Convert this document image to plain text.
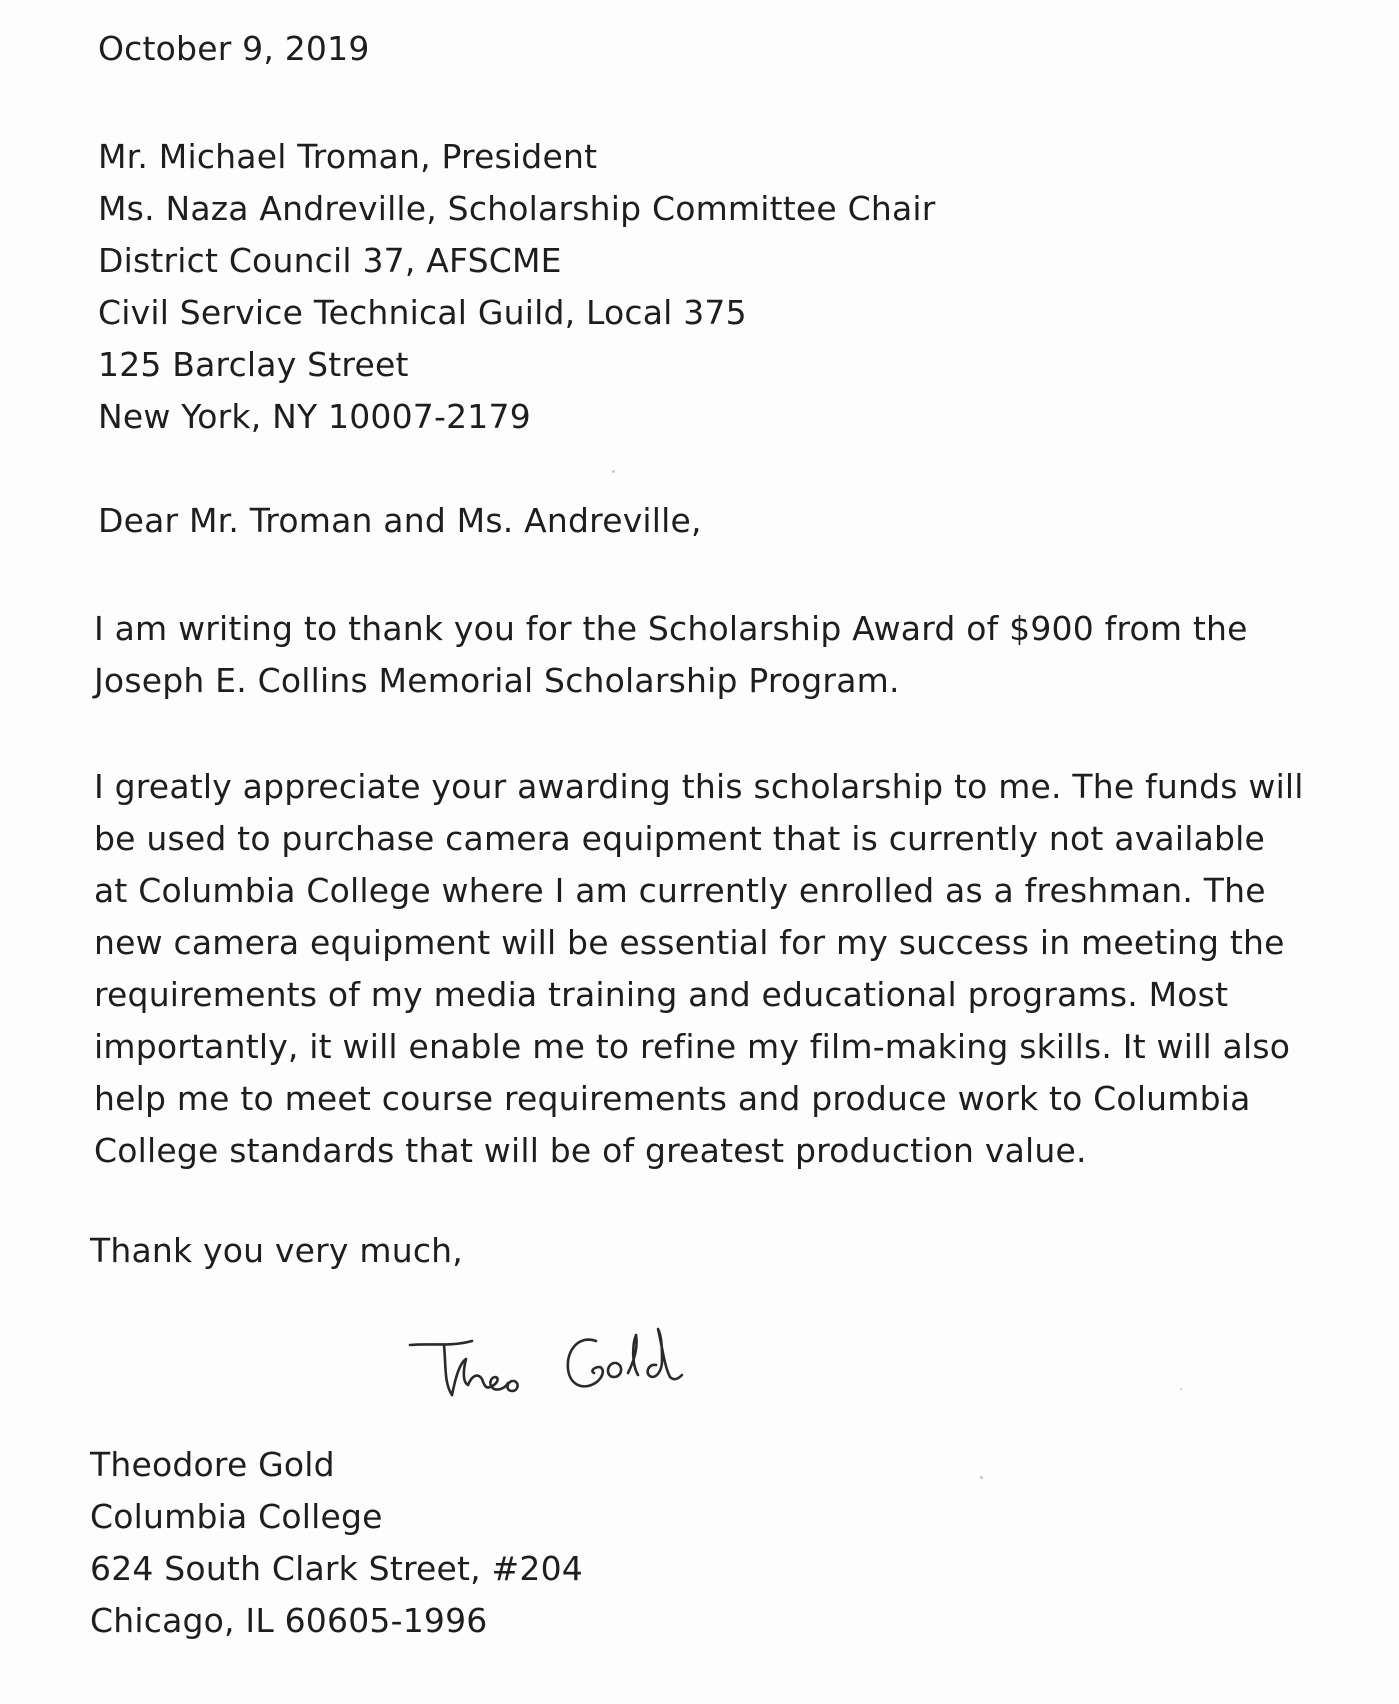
October 9, 2019
Mr. Michael Troman, President
Ms. Naza Andreville, Scholarship Committee Chair
District Council 37, AFSCME
Civil Service Technical Guild, Local 375
125 Barclay Street
New York, NY 10007-2179
Dear Mr. Troman and Ms. Andreville,
I am writing to thank you for the Scholarship Award of $900 from the
Joseph E. Collins Memorial Scholarship Program.
I greatly appreciate your awarding this scholarship to me. The funds will
be used to purchase camera equipment that is currently not available
at Columbia College where I am currently enrolled as a freshman. The
new camera equipment will be essential for my success in meeting the
requirements of my media training and educational programs. Most
importantly, it will enable me to refine my film-making skills. It will also
help me to meet course requirements and produce work to Columbia
College standards that will be of greatest production value.
Thank you very much,
Theodore Gold
Columbia College
624 South Clark Street, #204
Chicago, IL 60605-1996
